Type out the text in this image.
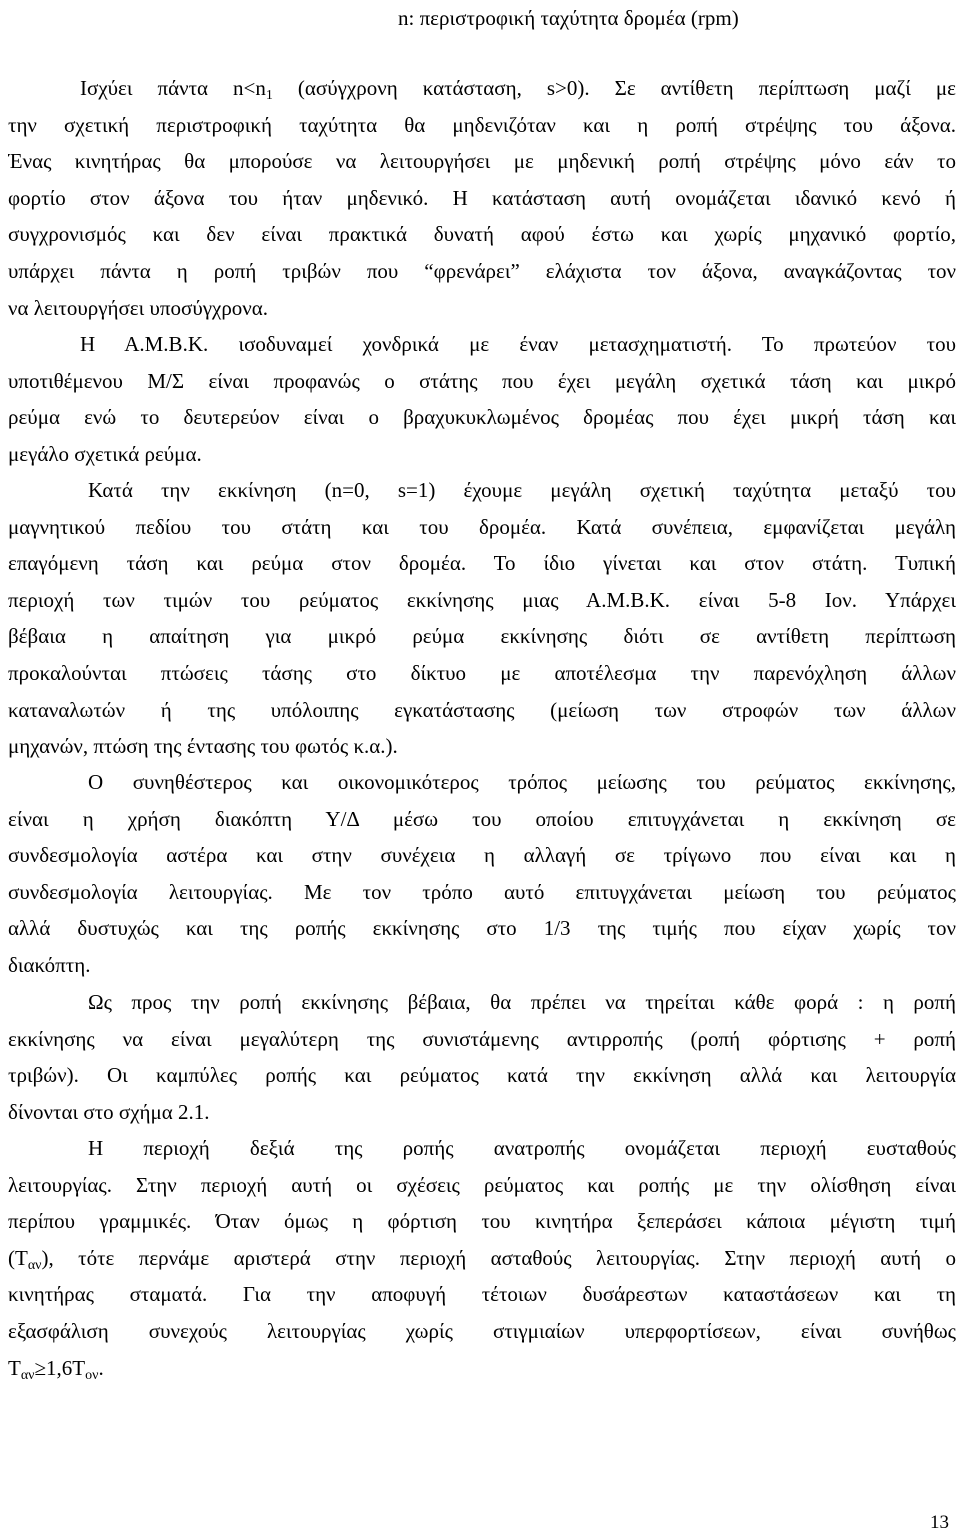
n: περιστροφική ταχύτητα δρομέα (rpm)
Ισχύει πάντα $n<n_1$ (ασύγχρονη κατάσταση, s>0). Σε αντίθετη περίπτωση μαζί με
την σχετική περιστροφική ταχύτητα θα μηδενιζόταν και η ροπή στρέψης του άξονα.
Ένας κινητήρας θα μπορούσε να λειτουργήσει με μηδενική ροπή στρέψης μόνο εάν το
φορτίο στον άξονα του ήταν μηδενικό. Η κατάσταση αυτή ονομάζεται ιδανικό κενό ή
συγχρονισμός και δεν είναι πρακτικά δυνατή αφού έστω και χωρίς μηχανικό φορτίο,
υπάρχει πάντα η ροπή τριβών που “φρενάρει” ελάχιστα τον άξονα, αναγκάζοντας τον
να λειτουργήσει υποσύγχρονα.
Η Α.Μ.Β.Κ. ισοδυναμεί χονδρικά με έναν μετασχηματιστή. Το πρωτεύον του
υποτιθέμενου Μ/Σ είναι προφανώς ο στάτης που έχει μεγάλη σχετικά τάση και μικρό
ρεύμα ενώ το δευτερεύον είναι ο βραχυκυκλωμένος δρομέας που έχει μικρή τάση και
μεγάλο σχετικά ρεύμα.
Κατά την εκκίνηση (n=0, s=1) έχουμε μεγάλη σχετική ταχύτητα μεταξύ του
μαγνητικού πεδίου του στάτη και του δρομέα. Κατά συνέπεια, εμφανίζεται μεγάλη
επαγόμενη τάση και ρεύμα στον δρομέα. Το ίδιο γίνεται και στον στάτη. Τυπική
περιοχή των τιμών του ρεύματος εκκίνησης μιας Α.Μ.Β.Κ. είναι 5-8 Ιον. Υπάρχει
βέβαια η απαίτηση για μικρό ρεύμα εκκίνησης διότι σε αντίθετη περίπτωση
προκαλούνται πτώσεις τάσης στο δίκτυο με αποτέλεσμα την παρενόχληση άλλων
καταναλωτών ή της υπόλοιπης εγκατάστασης (μείωση των στροφών των άλλων
μηχανών, πτώση της έντασης του φωτός κ.α.).
Ο συνηθέστερος και οικονομικότερος τρόπος μείωσης του ρεύματος εκκίνησης,
είναι η χρήση διακόπτη Υ/Δ μέσω του οποίου επιτυγχάνεται η εκκίνηση σε
συνδεσμολογία αστέρα και στην συνέχεια η αλλαγή σε τρίγωνο που είναι και η
συνδεσμολογία λειτουργίας. Με τον τρόπο αυτό επιτυγχάνεται μείωση του ρεύματος
αλλά δυστυχώς και της ροπής εκκίνησης στο 1/3 της τιμής που είχαν χωρίς τον
διακόπτη.
Ως προς την ροπή εκκίνησης βέβαια, θα πρέπει να τηρείται κάθε φορά : η ροπή
εκκίνησης να είναι μεγαλύτερη της συνιστάμενης αντιρροπής (ροπή φόρτισης + ροπή
τριβών). Οι καμπύλες ροπής και ρεύματος κατά την εκκίνηση αλλά και λειτουργία
δίνονται στο σχήμα 2.1.
Η περιοχή δεξιά της ροπής ανατροπής ονομάζεται περιοχή ευσταθούς
λειτουργίας. Στην περιοχή αυτή οι σχέσεις ρεύματος και ροπής με την ολίσθηση είναι
περίπου γραμμικές. Όταν όμως η φόρτιση του κινητήρα ξεπεράσει κάποια μέγιστη τιμή
$(T_{\alpha\nu})$, τότε περνάμε αριστερά στην περιοχή ασταθούς λειτουργίας. Στην περιοχή αυτή ο
κινητήρας σταματά. Για την αποφυγή τέτοιων δυσάρεστων καταστάσεων και τη
εξασφάλιση συνεχούς λειτουργίας χωρίς στιγμιαίων υπερφορτίσεων, είναι συνήθως
$T_{\alpha\nu}\ge 1,6T_{o\nu}$.
13
